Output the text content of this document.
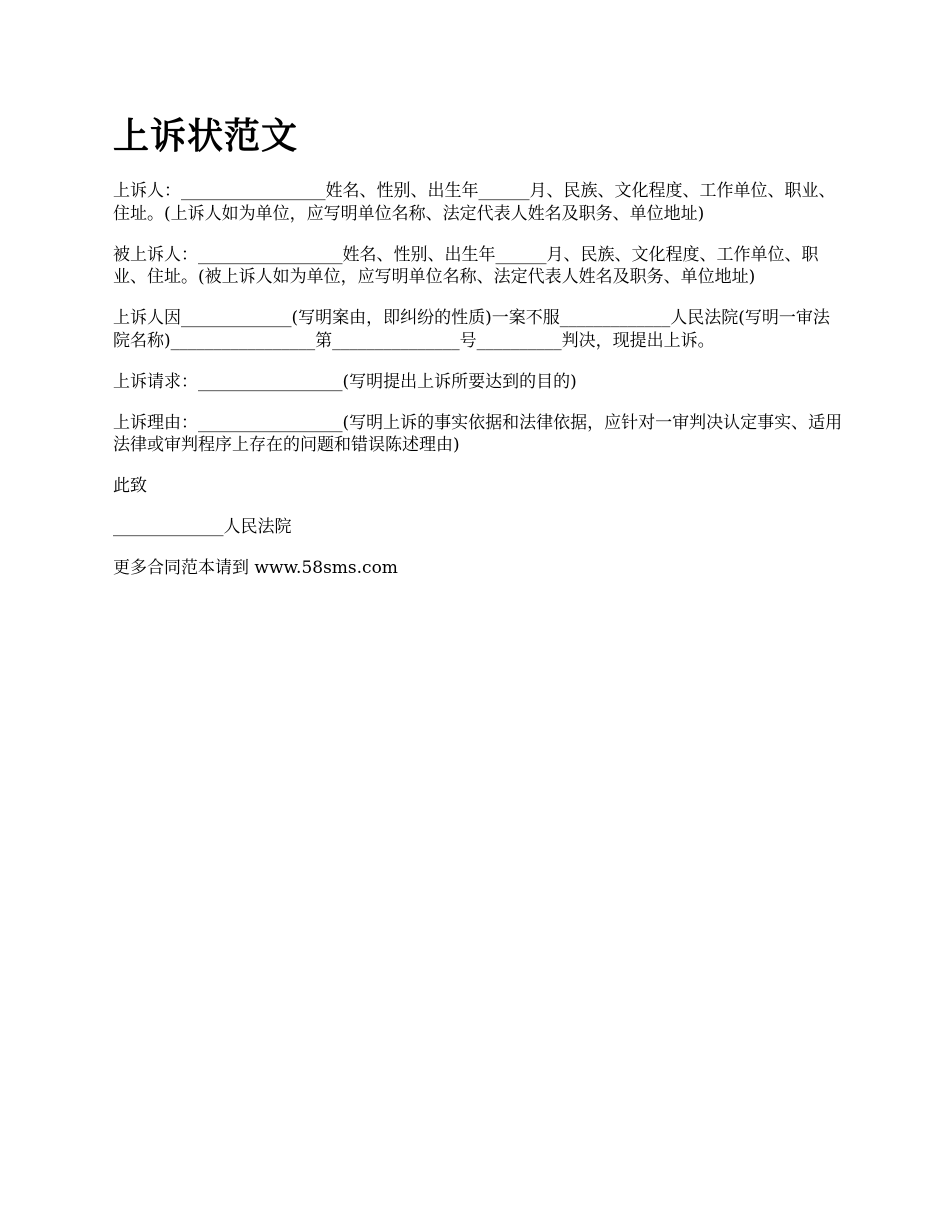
上诉状范文

上诉人：_________________姓名、性别、出生年______月、民族、文化程度、工作单位、职业、住址。(上诉人如为单位，应写明单位名称、法定代表人姓名及职务、单位地址)

被上诉人：_________________姓名、性别、出生年______月、民族、文化程度、工作单位、职业、住址。(被上诉人如为单位，应写明单位名称、法定代表人姓名及职务、单位地址)

上诉人因_____________(写明案由，即纠纷的性质)一案不服_____________人民法院(写明一审法院名称)_________________第_______________号__________判决，现提出上诉。

上诉请求：_________________(写明提出上诉所要达到的目的)

上诉理由：_________________(写明上诉的事实依据和法律依据，应针对一审判决认定事实、适用法律或审判程序上存在的问题和错误陈述理由)

此致

_____________人民法院

更多合同范本请到 www.58sms.com
